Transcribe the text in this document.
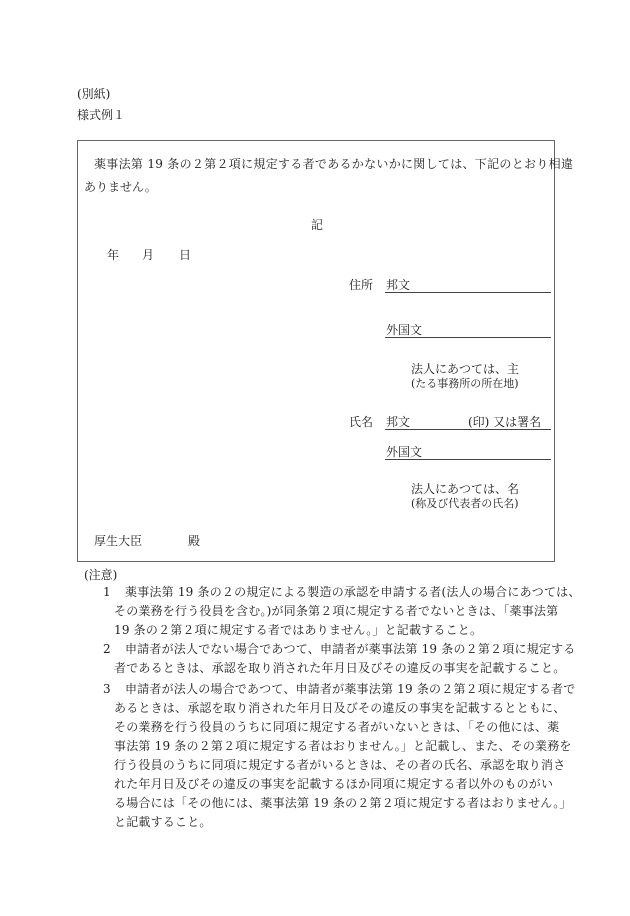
(別紙)
様式例１
薬事法第 19 条の２第２項に規定する者であるかないかに関しては、下記のとおり相違
ありません。
記
年 月 日
住所 邦文
外国文
法人にあつては、主
(たる事務所の所在地)
氏名 邦文	(印) 又は署名
外国文
法人にあつては、名
(称及び代表者の氏名)
厚生大臣	殿
(注意)
1 薬事法第 19 条の２の規定による製造の承認を申請する者(法人の場合にあつては、
その業務を行う役員を含む。)が同条第２項に規定する者でないときは、「薬事法第
19 条の２第２項に規定する者ではありません。」と記載すること。
2 申請者が法人でない場合であつて、申請者が薬事法第 19 条の２第２項に規定する
者であるときは、承認を取り消された年月日及びその違反の事実を記載すること。
3 申請者が法人の場合であつて、申請者が薬事法第 19 条の２第２項に規定する者で
あるときは、承認を取り消された年月日及びその違反の事実を記載するとともに、
その業務を行う役員のうちに同項に規定する者がいないときは、「その他には、薬
事法第 19 条の２第２項に規定する者はおりません。」と記載し、また、その業務を
行う役員のうちに同項に規定する者がいるときは、その者の氏名、承認を取り消さ
れた年月日及びその違反の事実を記載するほか同項に規定する者以外のものがい
る場合には「その他には、薬事法第 19 条の２第２項に規定する者はおりません。」
と記載すること。
